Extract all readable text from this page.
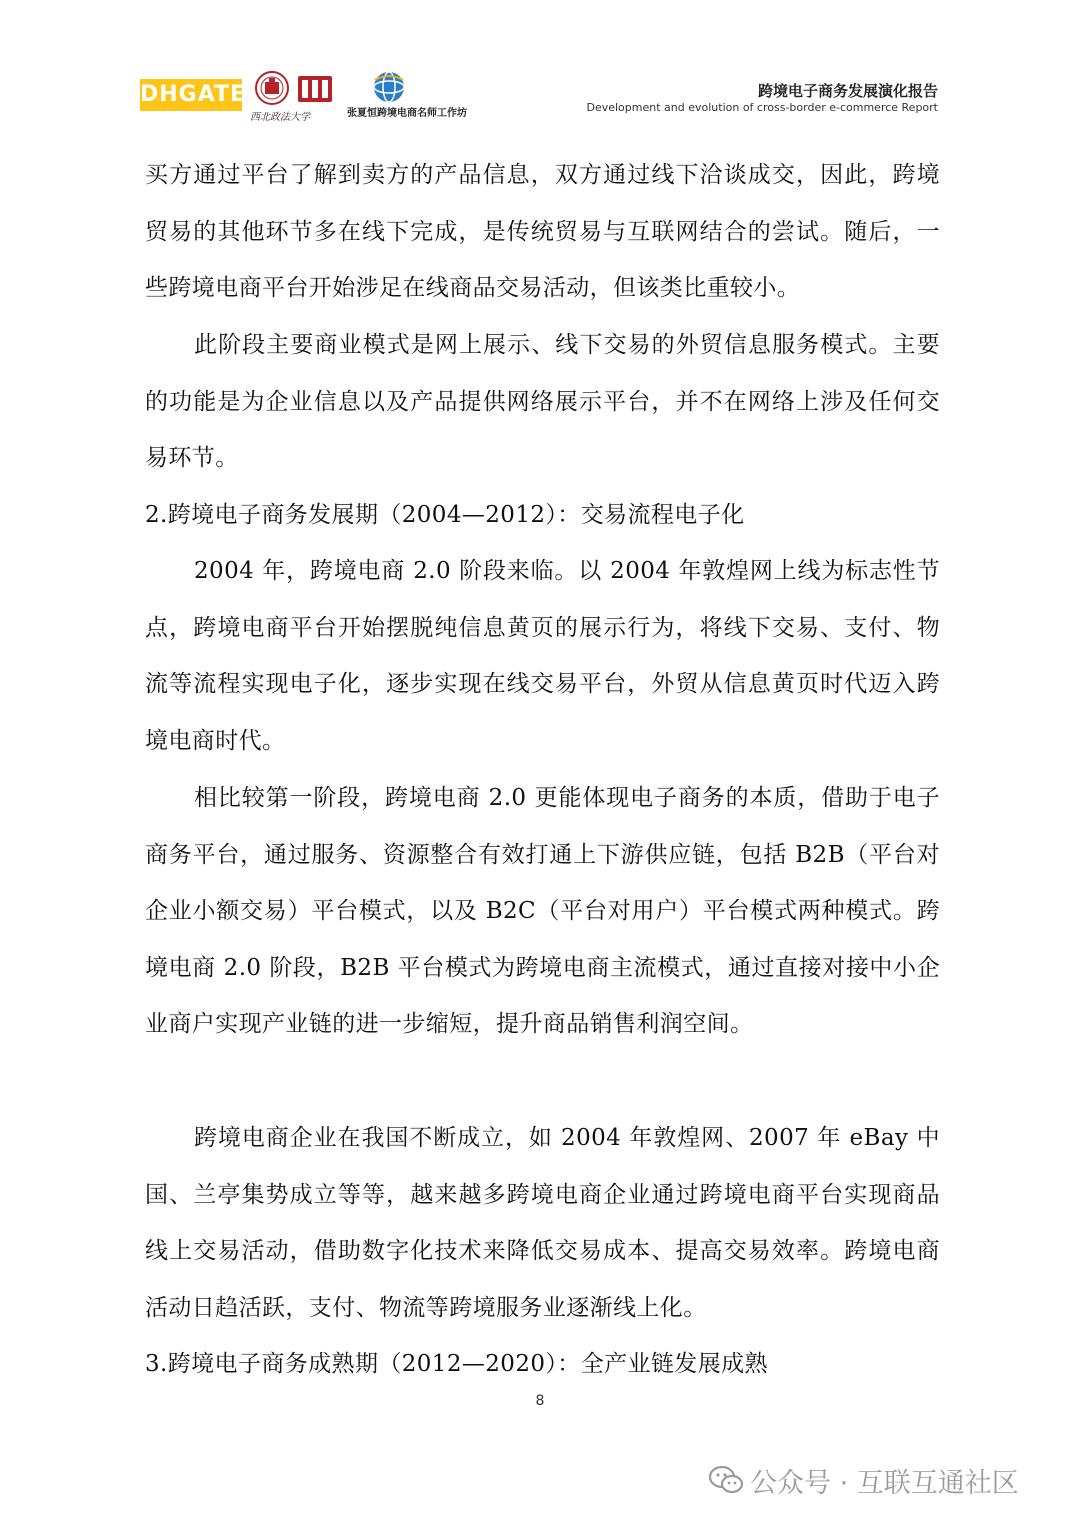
DHGATE
西北政法大学	张夏恒跨境电商名师工作坊
跨境电子商务发展演化报告
Development and evolution of cross-border e-commerce Report

买方通过平台了解到卖方的产品信息，双方通过线下洽谈成交，因此，跨境贸易的其他环节多在线下完成，是传统贸易与互联网结合的尝试。随后，一些跨境电商平台开始涉足在线商品交易活动，但该类比重较小。

此阶段主要商业模式是网上展示、线下交易的外贸信息服务模式。主要的功能是为企业信息以及产品提供网络展示平台，并不在网络上涉及任何交易环节。

2.跨境电子商务发展期（2004—2012）：交易流程电子化

2004 年，跨境电商 2.0 阶段来临。以 2004 年敦煌网上线为标志性节点，跨境电商平台开始摆脱纯信息黄页的展示行为，将线下交易、支付、物流等流程实现电子化，逐步实现在线交易平台，外贸从信息黄页时代迈入跨境电商时代。

相比较第一阶段，跨境电商 2.0 更能体现电子商务的本质，借助于电子商务平台，通过服务、资源整合有效打通上下游供应链，包括 B2B（平台对企业小额交易）平台模式，以及 B2C（平台对用户）平台模式两种模式。跨境电商 2.0 阶段，B2B 平台模式为跨境电商主流模式，通过直接对接中小企业商户实现产业链的进一步缩短，提升商品销售利润空间。

跨境电商企业在我国不断成立，如 2004 年敦煌网、2007 年 eBay 中国、兰亭集势成立等等，越来越多跨境电商企业通过跨境电商平台实现商品线上交易活动，借助数字化技术来降低交易成本、提高交易效率。跨境电商活动日趋活跃，支付、物流等跨境服务业逐渐线上化。

3.跨境电子商务成熟期（2012—2020）：全产业链发展成熟

8
公众号 · 互联互通社区
